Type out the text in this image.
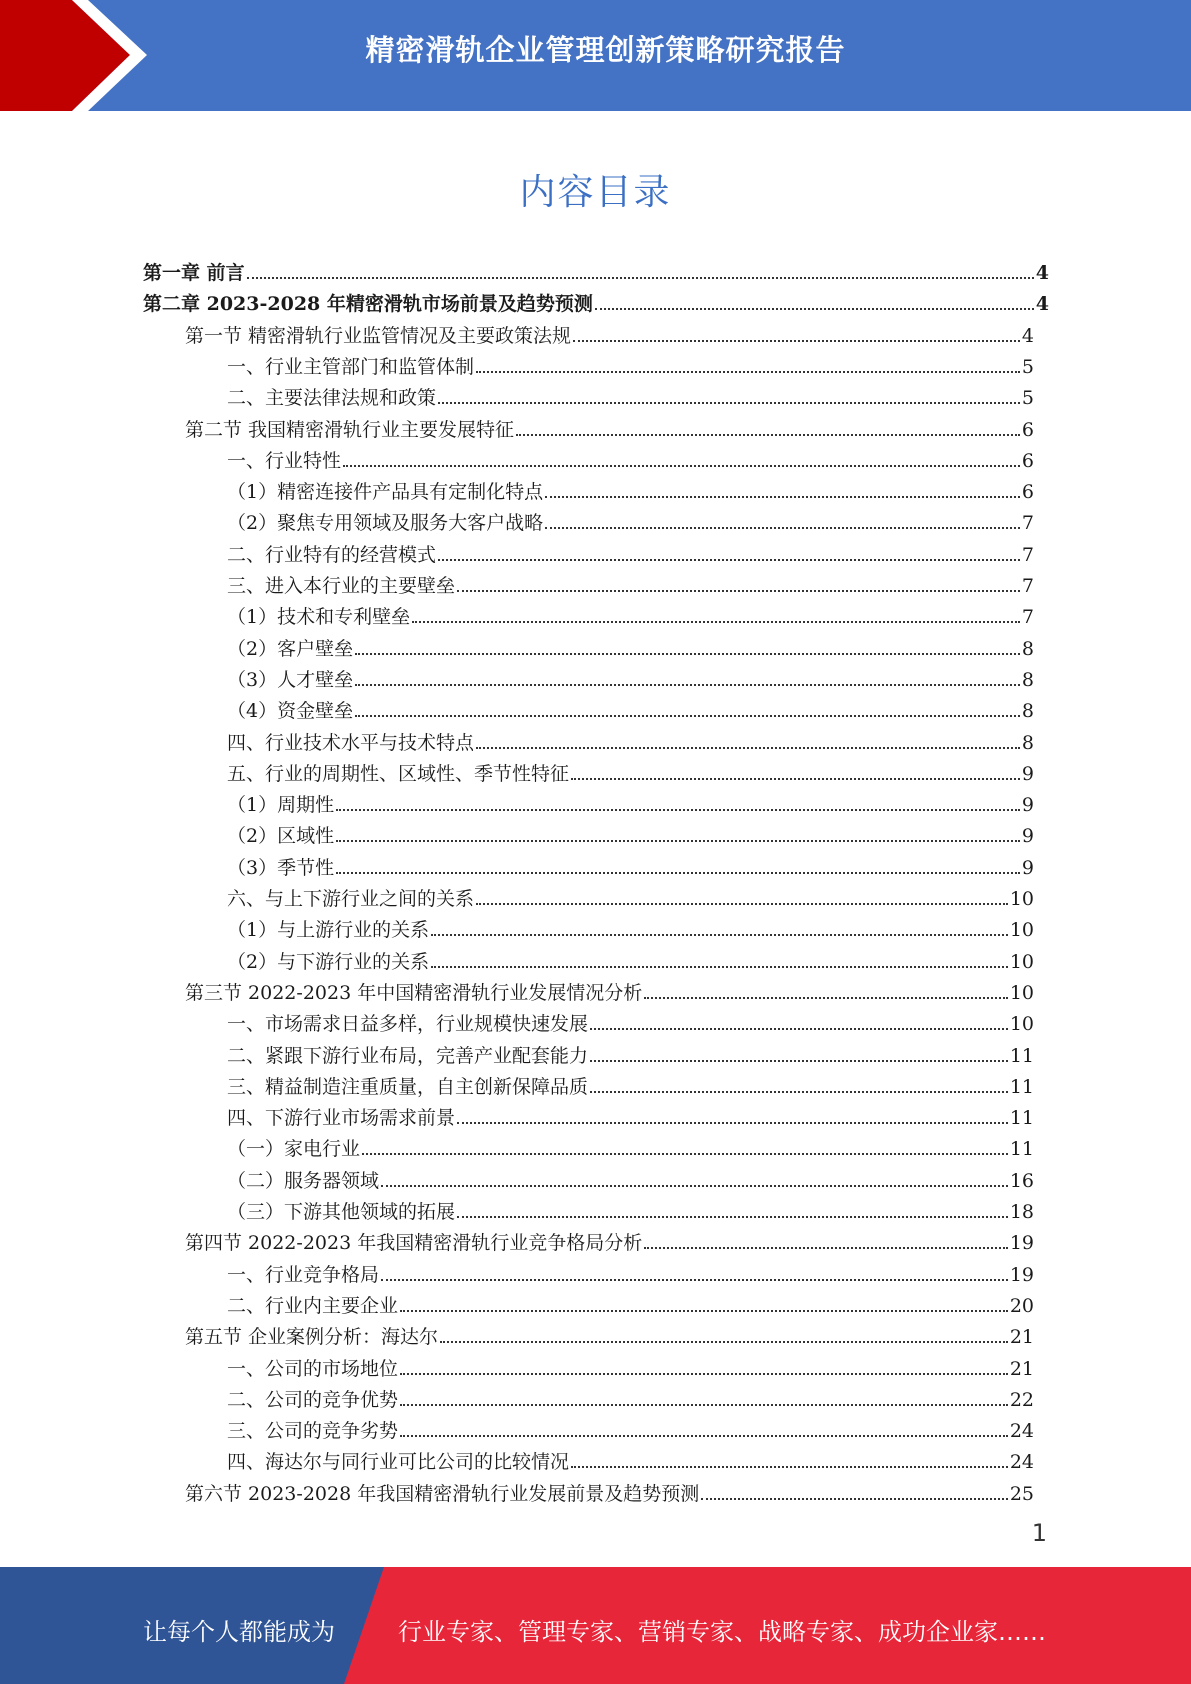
精密滑轨企业管理创新策略研究报告
内容目录
第一章 前言	4
第二章 2023-2028 年精密滑轨市场前景及趋势预测	4
第一节 精密滑轨行业监管情况及主要政策法规	4
一、行业主管部门和监管体制	5
二、主要法律法规和政策	5
第二节 我国精密滑轨行业主要发展特征	6
一、行业特性	6
（1）精密连接件产品具有定制化特点	6
（2）聚焦专用领域及服务大客户战略	7
二、行业特有的经营模式	7
三、进入本行业的主要壁垒	7
（1）技术和专利壁垒	7
（2）客户壁垒	8
（3）人才壁垒	8
（4）资金壁垒	8
四、行业技术水平与技术特点	8
五、行业的周期性、区域性、季节性特征	9
（1）周期性	9
（2）区域性	9
（3）季节性	9
六、与上下游行业之间的关系	10
（1）与上游行业的关系	10
（2）与下游行业的关系	10
第三节 2022-2023 年中国精密滑轨行业发展情况分析	10
一、市场需求日益多样，行业规模快速发展	10
二、紧跟下游行业布局，完善产业配套能力	11
三、精益制造注重质量，自主创新保障品质	11
四、下游行业市场需求前景	11
（一）家电行业	11
（二）服务器领域	16
（三）下游其他领域的拓展	18
第四节 2022-2023 年我国精密滑轨行业竞争格局分析	19
一、行业竞争格局	19
二、行业内主要企业	20
第五节 企业案例分析：海达尔	21
一、公司的市场地位	21
二、公司的竞争优势	22
三、公司的竞争劣势	24
四、海达尔与同行业可比公司的比较情况	24
第六节 2023-2028 年我国精密滑轨行业发展前景及趋势预测	25
1
让每个人都能成为	行业专家、管理专家、营销专家、战略专家、成功企业家……
